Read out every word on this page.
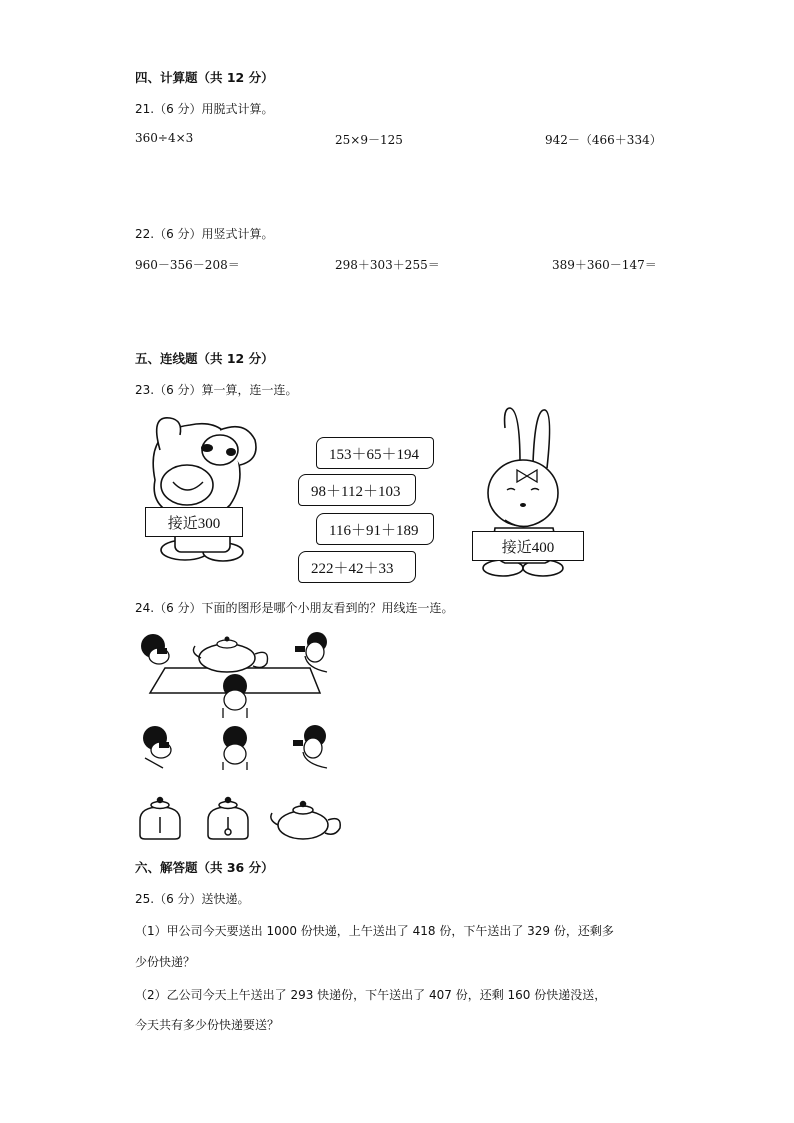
四、计算题（共 12 分）
21.（6 分）用脱式计算。
360÷4×3	25×9－125	942－（466＋334）
22.（6 分）用竖式计算。
960－356－208＝	298＋303＋255＝	389＋360－147＝
五、连线题（共 12 分）
23.（6 分）算一算，连一连。
接近300
153＋65＋194
98＋112＋103
116＋91＋189
222＋42＋33
接近400
24.（6 分）下面的图形是哪个小朋友看到的？用线连一连。
六、解答题（共 36 分）
25.（6 分）送快递。
（1）甲公司今天要送出 1000 份快递，上午送出了 418 份，下午送出了 329 份，还剩多
少份快递？
（2）乙公司今天上午送出了 293 快递份，下午送出了 407 份，还剩 160 份快递没送，
今天共有多少份快递要送？
